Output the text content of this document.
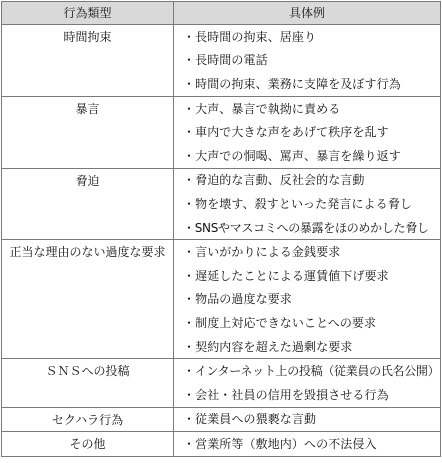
行為類型	具体例
時間拘束	・長時間の拘束、居座り
・長時間の電話
・時間の拘束、業務に支障を及ぼす行為

暴言	・大声、暴言で執拗に責める
・車内で大きな声をあげて秩序を乱す
・大声での恫喝、罵声、暴言を繰り返す

脅迫	・脅迫的な言動、反社会的な言動
・物を壊す、殺すといった発言による脅し
・SNSやマスコミへの暴露をほのめかした脅し

正当な理由のない過度な要求	・言いがかりによる金銭要求
・遅延したことによる運賃値下げ要求
・物品の過度な要求
・制度上対応できないことへの要求
・契約内容を超えた過剰な要求

ＳＮＳへの投稿	・インターネット上の投稿（従業員の氏名公開）
・会社・社員の信用を毀損させる行為

セクハラ行為	・従業員への猥褻な言動

その他	・営業所等（敷地内）への不法侵入
